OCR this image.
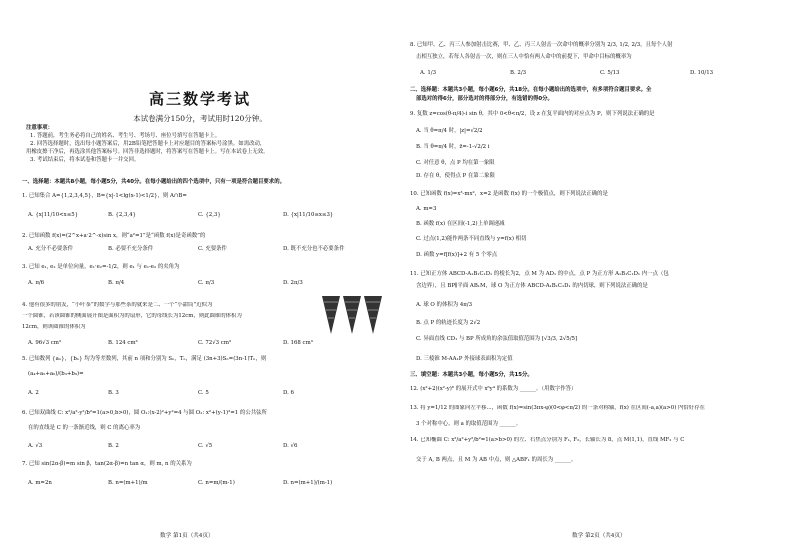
高三数学考试
本试卷满分150分，考试用时120分钟。
注意事项：
1. 答题前，考生务必将自己的姓名、考生号、考场号、座位号填写在答题卡上。
2. 回答选择题时，选出每小题答案后，用2B铅笔把答题卡上对应题目的答案标号涂黑。如需改动，
用橡皮擦干净后，再选涂其他答案标号。回答非选择题时，将答案写在答题卡上。写在本试卷上无效。
3. 考试结束后，将本试卷和答题卡一并交回。
一、选择题：本题共8小题，每小题5分，共40分。在每小题给出的四个选项中，只有一项是符合题目要求的。
1. 已知集合 A={1,2,3,4,5}，B={x|-1<lg(x-1)<1/2}，则 A∩B=
A. {x|11/10<x≤5}	B. {2,3,4}	C. {2,3}	D. {x|11/10≤x≤3}
2. 已知函数 f(x)=(2^x+a·2^-x)sin x，则“a²=1”是“函数 f(x)是奇函数”的
A. 充分不必要条件	B. 必要不充分条件	C. 充要条件	D. 既不充分也不必要条件
3. 已知 e₁, e₂ 是单位向量，e₁·e₂=-1/2，则 e₁ 与 e₁-e₂ 的夹角为
A. π/6	B. π/4	C. π/3	D. 2π/3
4. 他有很多的朋友，“小叶茶”的数学与那些茶的就来是二、一个“小甜筒”近似为
一个圆锥，若该圆锥的侧面展开图是面积为的扇形，它的母线长为12cm，则此圆锥的体积为
12cm，则该圆锥的体积为
A. 96√3 cm³	B. 124 cm³	C. 72√3 cm³	D. 168 cm³
5. 已知数列 {aₙ}，{bₙ} 均为等差数列，其前 n 项和分别为 Sₙ，Tₙ，满足 (3n+3)Sₙ=(3n-1)Tₙ，则
(a₄+a₅+a₆)/(b₃+b₉)=
A. 2	B. 3	C. 5	D. 6
6. 已知双曲线 C: x²/a²-y²/b²=1(a>0,b>0)，圆 O₁:(x-2)²+y²=4 与圆 O₂: x²+(y-1)²=1 的公共弦所
在的直线是 C 的一条渐近线，则 C 的离心率为
A. √3	B. 2	C. √5	D. √6
7. 已知 sin(2α-β)=m sin β，tan(2α-β)=n tan α，则 m, n 的关系为
A. m=2n	B. n=(m+1)/m	C. n=m/(m-1)	D. n=(m+1)/(m-1)
数学 第1页（共4页）
8. 已知甲、乙、丙三人参加射击比赛，甲、乙、丙三人射击一次命中的概率分别为 2/3, 1/2, 2/3，且每个人射
击相互独立，若每人各射击一次，则在三人中恰有两人命中的前提下，甲命中目标的概率为
A. 1/3	B. 2/3	C. 5/13	D. 10/13
二、选择题：本题共3小题，每小题6分，共18分。在每小题给出的选项中，有多项符合题目要求。全
部选对的得6分，部分选对的得部分分，有选错的得0分。
9. 复数 z=cos(θ-π/4)-i sin θ，其中 0<θ<π/2，设 z 在复平面内的对应点为 P，则下列说法正确的是
A. 当 θ=π/4 时，|z|=√2/2
B. 当 θ=π/4 时，z̄=-1-√2/2 i
C. 对任意 θ，点 P 均在第一象限
D. 存在 θ，使得点 P 在第二象限
10. 已知函数 f(x)=x³-mx²，x=2 是函数 f(x) 的一个极值点，则下列说法正确的是
A. m=3
B. 函数 f(x) 在区间(-1,2)上单调递减
C. 过点(1,2)能作两条不同直线与 y=f(x) 相切
D. 函数 y=f[f(x)]+2 有 5 个零点
11. 已知正方体 ABCD-A₁B₁C₁D₁ 的棱长为2，点 M 为 AD₁ 的中点，点 P 为正方形 A₁B₁C₁D₁ 内一点（包
含边界），且 BP∥平面 AB₁M，球 O 为正方体 ABCD-A₁B₁C₁D₁ 的内切球，则下列说法正确的是
A. 球 O 的体积为 4π/3
B. 点 P 的轨迹长度为 2√2
C. 异面直线 CD₁ 与 BP 所成角的余弦值取值范围为 [√3/3, 2√5/5]
D. 三棱锥 M-AA₁P 外接球表面积为定值
三、填空题：本题共3小题，每小题5分，共15分。
12. (x²+2)(x²-y)⁶ 的展开式中 x⁶y⁴ 的系数为 ______。（用数字作答）
13. 将 y=1/12 的图象向左平移...，函数 f(x)=sin(3πx-φ)(0<φ<π/2) 的一条对称轴，f(x) 在区间(-a,a)(a>0) 内恰好存在
3 个对称中心，则 a 的取值范围为 ______。
14. 已知椭圆 C: x²/a²+y²/b²=1(a>b>0) 的左、右焦点分别为 F₁, F₂，长轴长为 8，点 M(1,1)，直线 MF₂ 与 C
交于 A, B 两点，且 M 为 AB 中点，则 △ABF₁ 的周长为 ______。
数学 第2页（共4页）
